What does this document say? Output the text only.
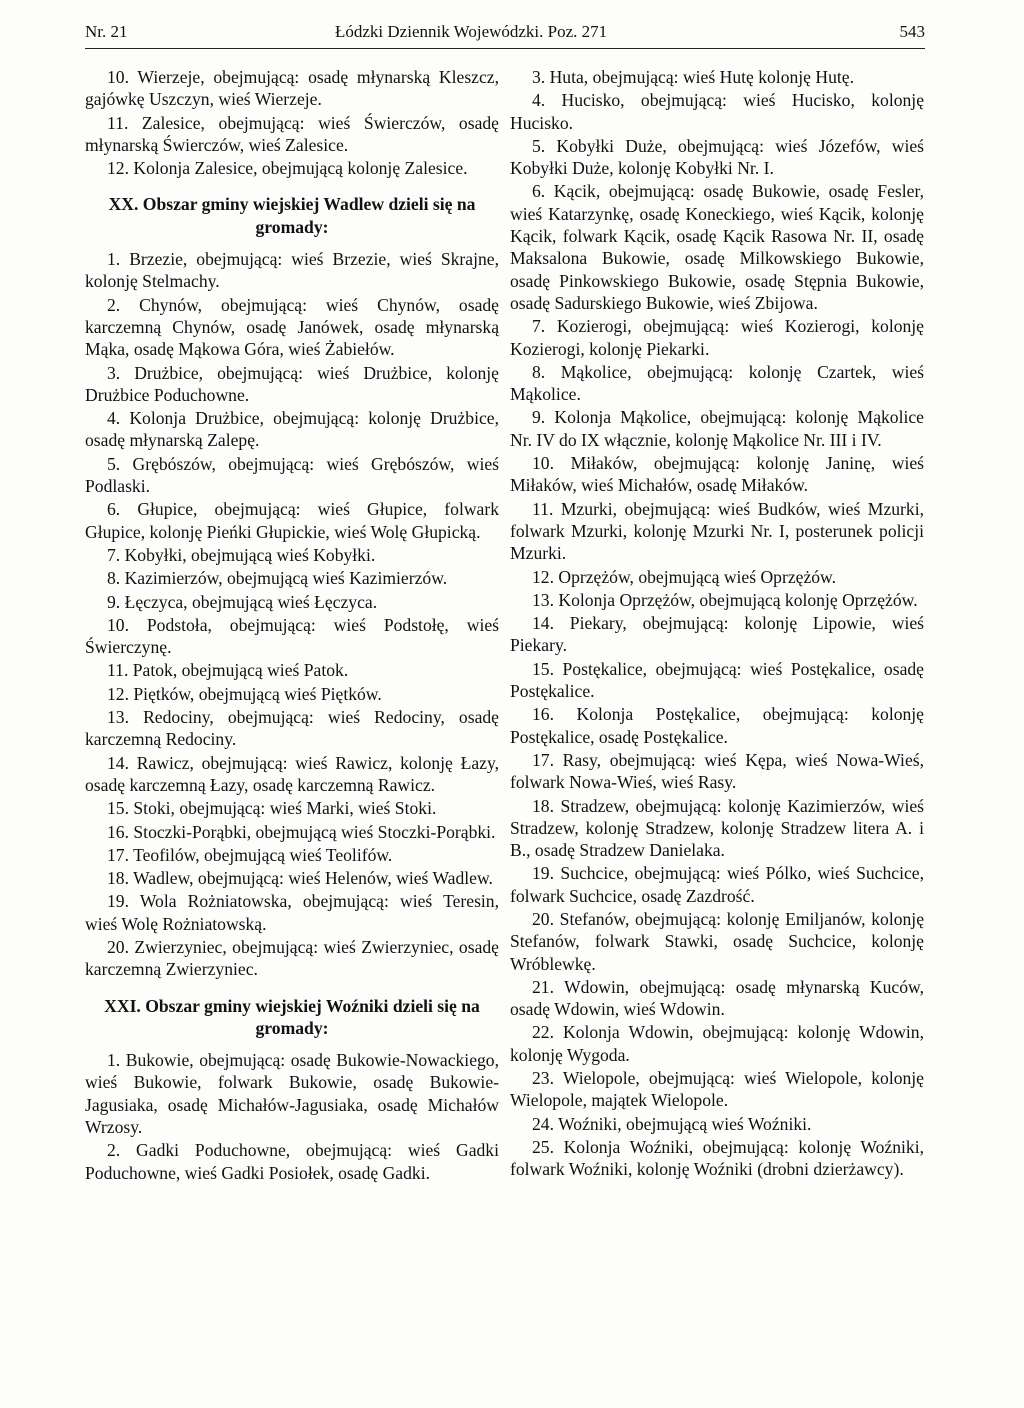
Nr. 21	Łódzki Dziennik Wojewódzki. Poz. 271	543

10. Wierzeje, obejmującą: osadę młynarską Kleszcz, gajówkę Uszczyn, wieś Wierzeje.

11. Zalesice, obejmującą: wieś Świerczów, osadę młynarską Świerczów, wieś Zalesice.

12. Kolonja Zalesice, obejmującą kolonję Zalesice.

XX. Obszar gminy wiejskiej Wadlew dzieli się na gromady:

1. Brzezie, obejmującą: wieś Brzezie, wieś Skrajne, kolonję Stelmachy.

2. Chynów, obejmującą: wieś Chynów, osadę karczemną Chynów, osadę Janówek, osadę młynarską Mąka, osadę Mąkowa Góra, wieś Żabiełów.

3. Drużbice, obejmującą: wieś Drużbice, kolonję Drużbice Poduchowne.

4. Kolonja Drużbice, obejmującą: kolonję Drużbice, osadę młynarską Zalepę.

5. Grębószów, obejmującą: wieś Grębószów, wieś Podlaski.

6. Głupice, obejmującą: wieś Głupice, folwark Głupice, kolonję Pieńki Głupickie, wieś Wolę Głupicką.

7. Kobyłki, obejmującą wieś Kobyłki.

8. Kazimierzów, obejmującą wieś Kazimierzów.

9. Łęczyca, obejmującą wieś Łęczyca.

10. Podstoła, obejmującą: wieś Podstołę, wieś Świerczynę.

11. Patok, obejmującą wieś Patok.

12. Piętków, obejmującą wieś Piętków.

13. Redociny, obejmującą: wieś Redociny, osadę karczemną Redociny.

14. Rawicz, obejmującą: wieś Rawicz, kolonję Łazy, osadę karczemną Łazy, osadę karczemną Rawicz.

15. Stoki, obejmującą: wieś Marki, wieś Stoki.

16. Stoczki-Porąbki, obejmującą wieś Stoczki-Porąbki.

17. Teofilów, obejmującą wieś Teolifów.

18. Wadlew, obejmującą: wieś Helenów, wieś Wadlew.

19. Wola Rożniatowska, obejmującą: wieś Teresin, wieś Wolę Rożniatowską.

20. Zwierzyniec, obejmującą: wieś Zwierzyniec, osadę karczemną Zwierzyniec.

XXI. Obszar gminy wiejskiej Woźniki dzieli się na gromady:

1. Bukowie, obejmującą: osadę Bukowie-Nowackiego, wieś Bukowie, folwark Bukowie, osadę Bukowie-Jagusiaka, osadę Michałów-Jagusiaka, osadę Michałów Wrzosy.

2. Gadki Poduchowne, obejmującą: wieś Gadki Poduchowne, wieś Gadki Posiołek, osadę Gadki.

3. Huta, obejmującą: wieś Hutę kolonję Hutę.

4. Hucisko, obejmującą: wieś Hucisko, kolonję Hucisko.

5. Kobyłki Duże, obejmującą: wieś Józefów, wieś Kobyłki Duże, kolonję Kobyłki Nr. I.

6. Kącik, obejmującą: osadę Bukowie, osadę Fesler, wieś Katarzynkę, osadę Koneckiego, wieś Kącik, kolonję Kącik, folwark Kącik, osadę Kącik Rasowa Nr. II, osadę Maksalona Bukowie, osadę Milkowskiego Bukowie, osadę Pinkowskiego Bukowie, osadę Stępnia Bukowie, osadę Sadurskiego Bukowie, wieś Zbijowa.

7. Kozierogi, obejmującą: wieś Kozierogi, kolonję Kozierogi, kolonję Piekarki.

8. Mąkolice, obejmującą: kolonję Czartek, wieś Mąkolice.

9. Kolonja Mąkolice, obejmującą: kolonję Mąkolice Nr. IV do IX włącznie, kolonję Mąkolice Nr. III i IV.

10. Miłaków, obejmującą: kolonję Janinę, wieś Miłaków, wieś Michałów, osadę Miłaków.

11. Mzurki, obejmującą: wieś Budków, wieś Mzurki, folwark Mzurki, kolonję Mzurki Nr. I, posterunek policji Mzurki.

12. Oprzężów, obejmującą wieś Oprzężów.

13. Kolonja Oprzężów, obejmującą kolonję Oprzężów.

14. Piekary, obejmującą: kolonję Lipowie, wieś Piekary.

15. Postękalice, obejmującą: wieś Postękalice, osadę Postękalice.

16. Kolonja Postękalice, obejmującą: kolonję Postękalice, osadę Postękalice.

17. Rasy, obejmującą: wieś Kępa, wieś Nowa-Wieś, folwark Nowa-Wieś, wieś Rasy.

18. Stradzew, obejmującą: kolonję Kazimierzów, wieś Stradzew, kolonję Stradzew, kolonję Stradzew litera A. i B., osadę Stradzew Danielaka.

19. Suchcice, obejmującą: wieś Pólko, wieś Suchcice, folwark Suchcice, osadę Zazdrość.

20. Stefanów, obejmującą: kolonję Emiljanów, kolonję Stefanów, folwark Stawki, osadę Suchcice, kolonję Wróblewkę.

21. Wdowin, obejmującą: osadę młynarską Kuców, osadę Wdowin, wieś Wdowin.

22. Kolonja Wdowin, obejmującą: kolonję Wdowin, kolonję Wygoda.

23. Wielopole, obejmującą: wieś Wielopole, kolonję Wielopole, majątek Wielopole.

24. Woźniki, obejmującą wieś Woźniki.

25. Kolonja Woźniki, obejmującą: kolonję Woźniki, folwark Woźniki, kolonję Woźniki (drobni dzierżawcy).
